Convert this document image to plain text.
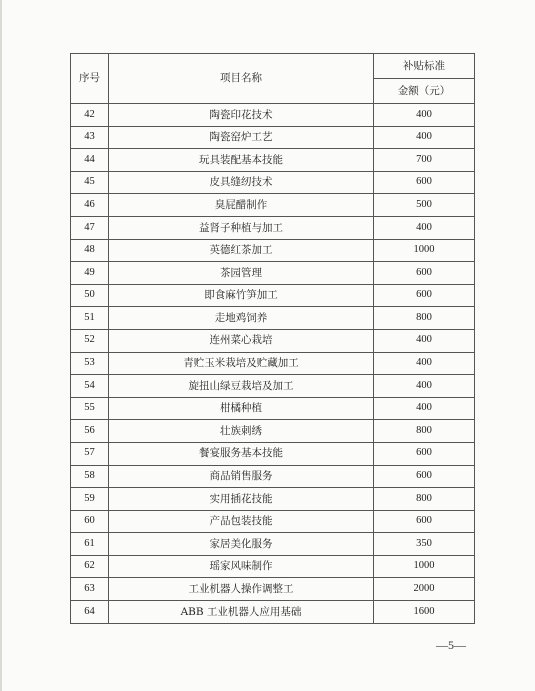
序号	项目名称	补贴标准
		金额（元）
42	陶瓷印花技术	400
43	陶瓷窑炉工艺	400
44	玩具装配基本技能	700
45	皮具缝纫技术	600
46	臭屁醋制作	500
47	益肾子种植与加工	400
48	英德红茶加工	1000
49	茶园管理	600
50	即食麻竹笋加工	600
51	走地鸡饲养	800
52	连州菜心栽培	400
53	青贮玉米栽培及贮藏加工	400
54	旋扭山绿豆栽培及加工	400
55	柑橘种植	400
56	壮族刺绣	800
57	餐宴服务基本技能	600
58	商品销售服务	600
59	实用插花技能	800
60	产品包装技能	600
61	家居美化服务	350
62	瑶家风味制作	1000
63	工业机器人操作调整工	2000
64	ABB 工业机器人应用基础	1600
—5—
